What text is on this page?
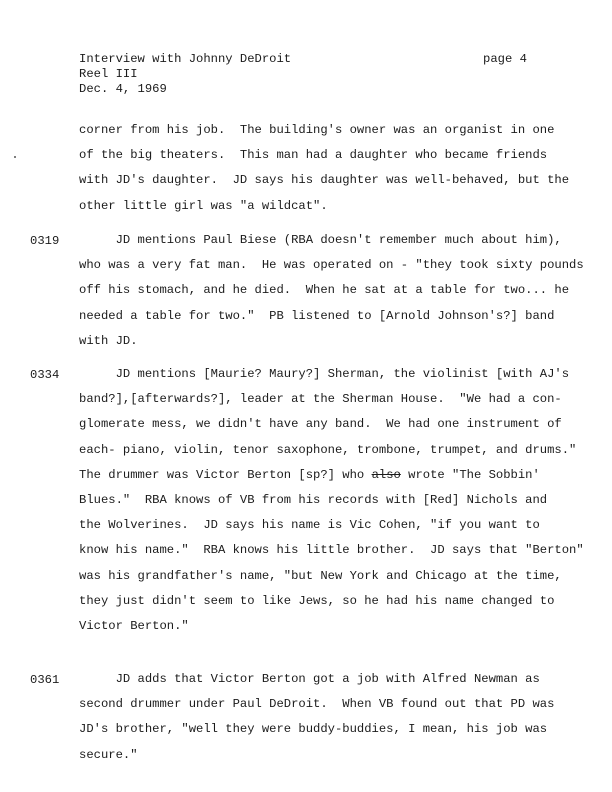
Interview with Johnny DeDroit
Reel III
Dec. 4, 1969
page 4
corner from his job.  The building's owner was an organist in one
of the big theaters.  This man had a daughter who became friends
with JD's daughter.  JD says his daughter was well-behaved, but the
other little girl was "a wildcat".
0319 JD mentions Paul Biese (RBA doesn't remember much about him),
who was a very fat man.  He was operated on - "they took sixty pounds
off his stomach, and he died.  When he sat at a table for two... he
needed a table for two."  PB listened to [Arnold Johnson's?] band
with JD.
0334 JD mentions [Maurie? Maury?] Sherman, the violinist [with AJ's
band?],[afterwards?], leader at the Sherman House.  "We had a con-
glomerate mess, we didn't have any band.  We had one instrument of
each- piano, violin, tenor saxophone, trombone, trumpet, and drums."
The drummer was Victor Berton [sp?] who also wrote "The Sobbin'
Blues."  RBA knows of VB from his records with [Red] Nichols and
the Wolverines.  JD says his name is Vic Cohen, "if you want to
know his name."  RBA knows his little brother.  JD says that "Berton"
was his grandfather's name, "but New York and Chicago at the time,
they just didn't seem to like Jews, so he had his name changed to
Victor Berton."
0361 JD adds that Victor Berton got a job with Alfred Newman as
second drummer under Paul DeDroit.  When VB found out that PD was
JD's brother, "well they were buddy-buddies, I mean, his job was
secure."
